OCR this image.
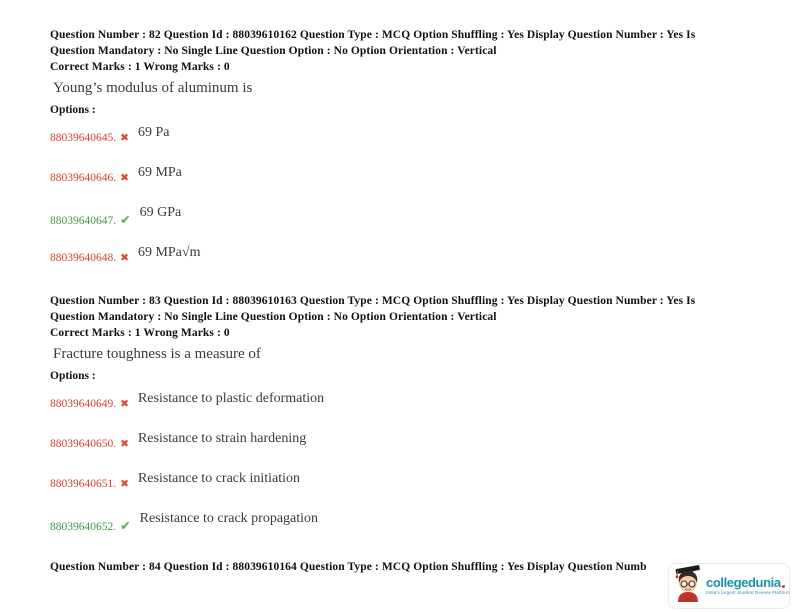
Question Number : 82 Question Id : 88039610162 Question Type : MCQ Option Shuffling : Yes Display Question Number : Yes Is
Question Mandatory : No Single Line Question Option : No Option Orientation : Vertical
Correct Marks : 1 Wrong Marks : 0
Young’s modulus of aluminum is
Options :
88039640645. ✖ 69 Pa
88039640646. ✖ 69 MPa
88039640647. ✔ 69 GPa
88039640648. ✖ 69 MPa√m
Question Number : 83 Question Id : 88039610163 Question Type : MCQ Option Shuffling : Yes Display Question Number : Yes Is
Question Mandatory : No Single Line Question Option : No Option Orientation : Vertical
Correct Marks : 1 Wrong Marks : 0
Fracture toughness is a measure of
Options :
88039640649. ✖ Resistance to plastic deformation
88039640650. ✖ Resistance to strain hardening
88039640651. ✖ Resistance to crack initiation
88039640652. ✔ Resistance to crack propagation
Question Number : 84 Question Id : 88039610164 Question Type : MCQ Option Shuffling : Yes Display Question Numb
collegedunia
India's largest Student Review Platform
